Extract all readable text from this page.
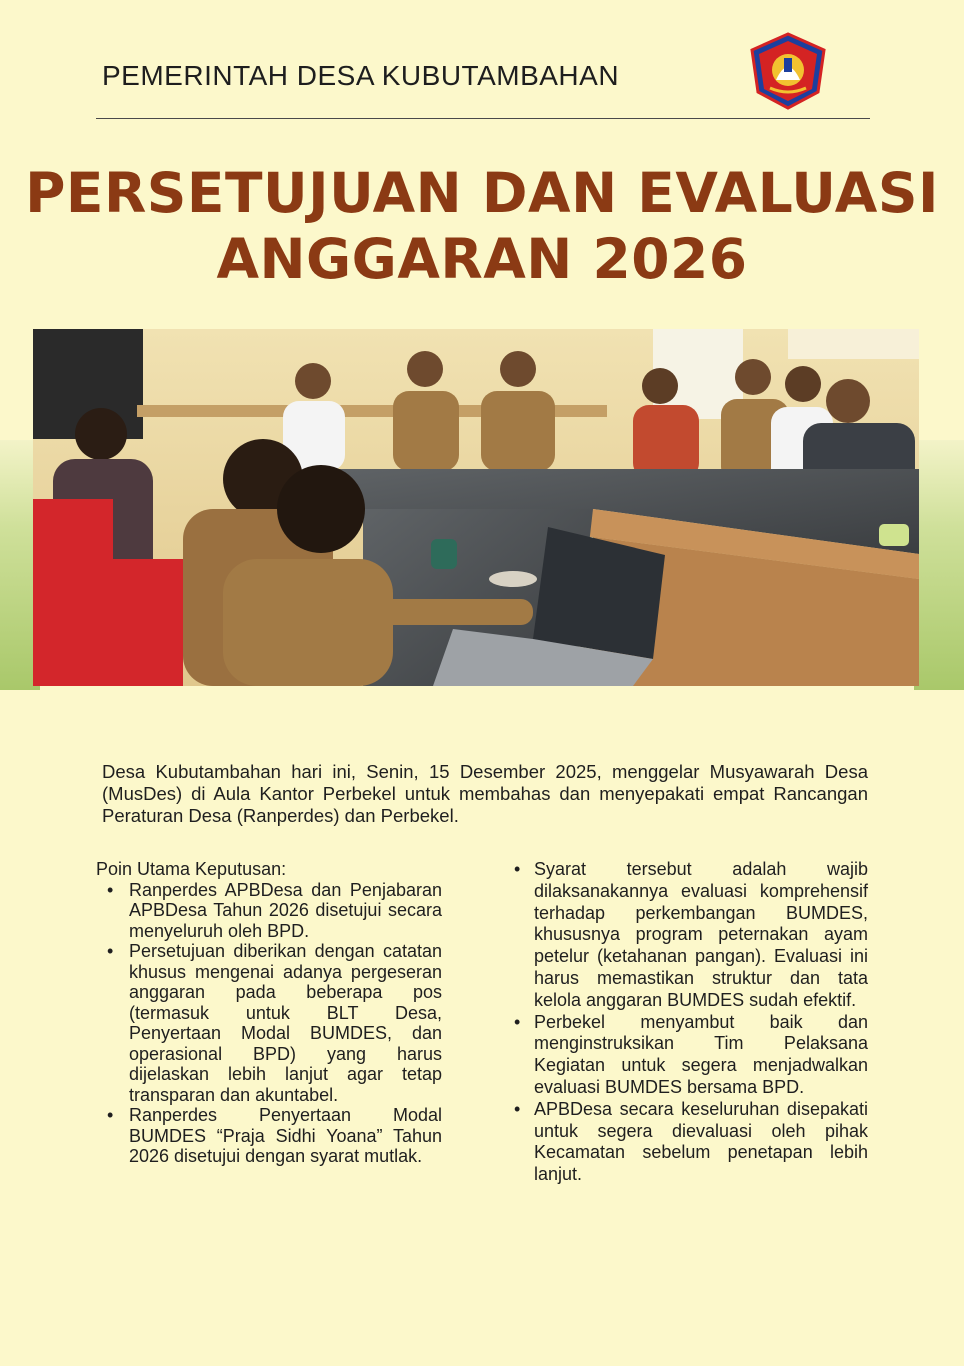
PEMERINTAH DESA KUBUTAMBAHAN
PERSETUJUAN DAN EVALUASI
ANGGARAN 2026
Desa Kubutambahan hari ini, Senin, 15 Desember 2025, menggelar Musyawarah Desa (MusDes) di Aula Kantor Perbekel untuk membahas dan menyepakati empat Rancangan Peraturan Desa (Ranperdes) dan Perbekel.

Poin Utama Keputusan:

• Ranperdes APBDesa dan Penjabaran APBDesa Tahun 2026 disetujui secara menyeluruh oleh BPD.
• Persetujuan diberikan dengan catatan khusus mengenai adanya pergeseran anggaran pada beberapa pos (termasuk untuk BLT Desa, Penyertaan Modal BUMDES, dan operasional BPD) yang harus dijelaskan lebih lanjut agar tetap transparan dan akuntabel.
• Ranperdes Penyertaan Modal BUMDES “Praja Sidhi Yoana” Tahun 2026 disetujui dengan syarat mutlak.
• Syarat tersebut adalah wajib dilaksanakannya evaluasi komprehensif terhadap perkembangan BUMDES, khususnya program peternakan ayam petelur (ketahanan pangan). Evaluasi ini harus memastikan struktur dan tata kelola anggaran BUMDES sudah efektif.
• Perbekel menyambut baik dan menginstruksikan Tim Pelaksana Kegiatan untuk segera menjadwalkan evaluasi BUMDES bersama BPD.
• APBDesa secara keseluruhan disepakati untuk segera dievaluasi oleh pihak Kecamatan sebelum penetapan lebih lanjut.
